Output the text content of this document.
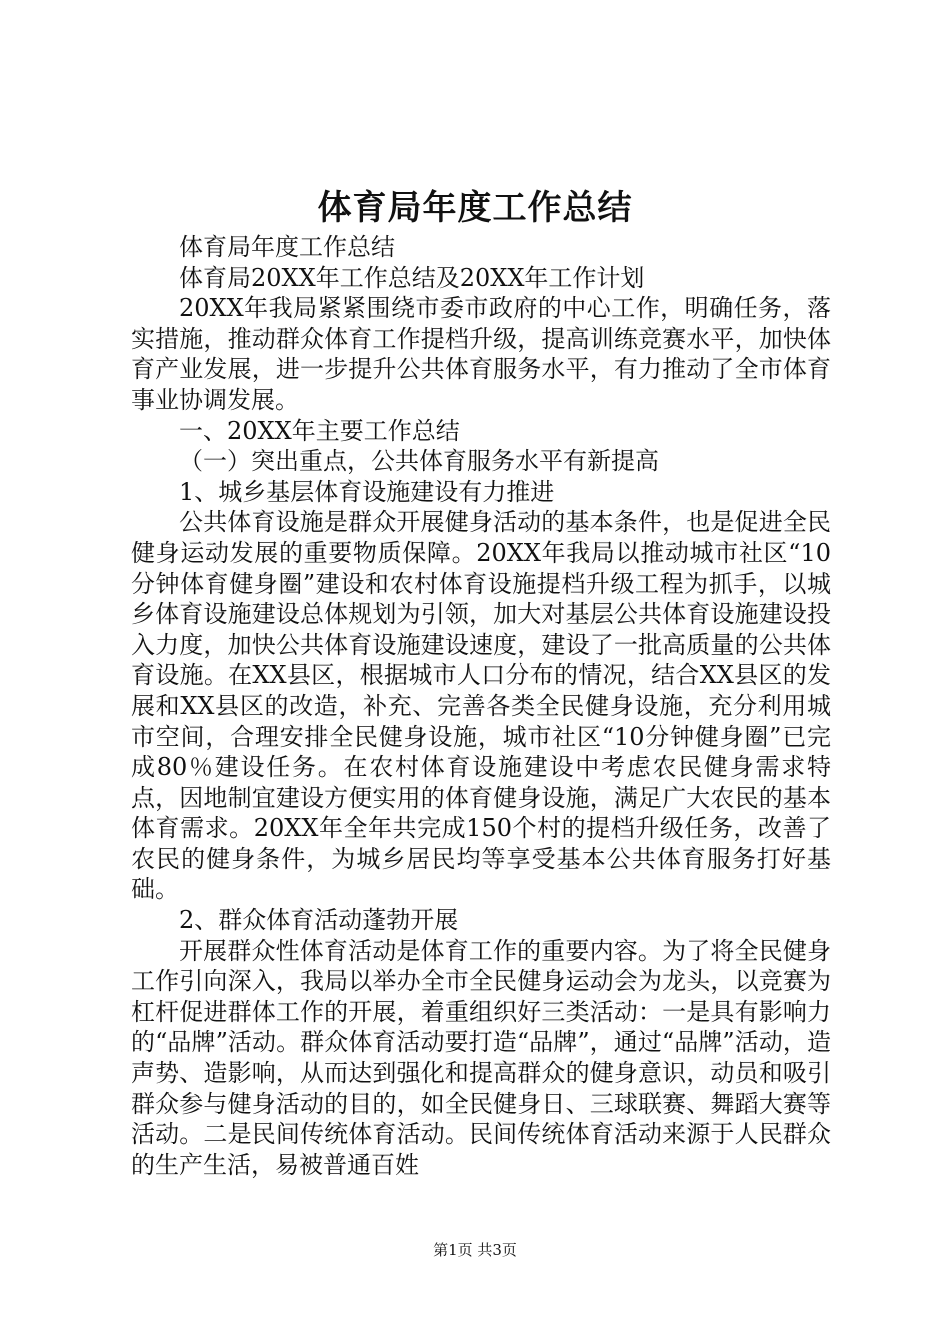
体育局年度工作总结

体育局年度工作总结

体育局20XX年工作总结及20XX年工作计划

20XX年我局紧紧围绕市委市政府的中心工作，明确任务，落实措施，推动群众体育工作提档升级，提高训练竞赛水平，加快体育产业发展，进一步提升公共体育服务水平，有力推动了全市体育事业协调发展。

一、20XX年主要工作总结

（一）突出重点，公共体育服务水平有新提高

1、城乡基层体育设施建设有力推进

公共体育设施是群众开展健身活动的基本条件，也是促进全民健身运动发展的重要物质保障。20XX年我局以推动城市社区“10分钟体育健身圈”建设和农村体育设施提档升级工程为抓手，以城乡体育设施建设总体规划为引领，加大对基层公共体育设施建设投入力度，加快公共体育设施建设速度，建设了一批高质量的公共体育设施。在XX县区，根据城市人口分布的情况，结合XX县区的发展和XX县区的改造，补充、完善各类全民健身设施，充分利用城市空间，合理安排全民健身设施，城市社区“10分钟健身圈”已完成80％建设任务。在农村体育设施建设中考虑农民健身需求特点，因地制宜建设方便实用的体育健身设施，满足广大农民的基本体育需求。20XX年全年共完成150个村的提档升级任务，改善了农民的健身条件，为城乡居民均等享受基本公共体育服务打好基础。

2、群众体育活动蓬勃开展

开展群众性体育活动是体育工作的重要内容。为了将全民健身工作引向深入，我局以举办全市全民健身运动会为龙头，以竞赛为杠杆促进群体工作的开展，着重组织好三类活动：一是具有影响力的“品牌”活动。群众体育活动要打造“品牌”，通过“品牌”活动，造声势、造影响，从而达到强化和提高群众的健身意识，动员和吸引群众参与健身活动的目的，如全民健身日、三球联赛、舞蹈大赛等活动。二是民间传统体育活动。民间传统体育活动来源于人民群众的生产生活，易被普通百姓

第1页 共3页
